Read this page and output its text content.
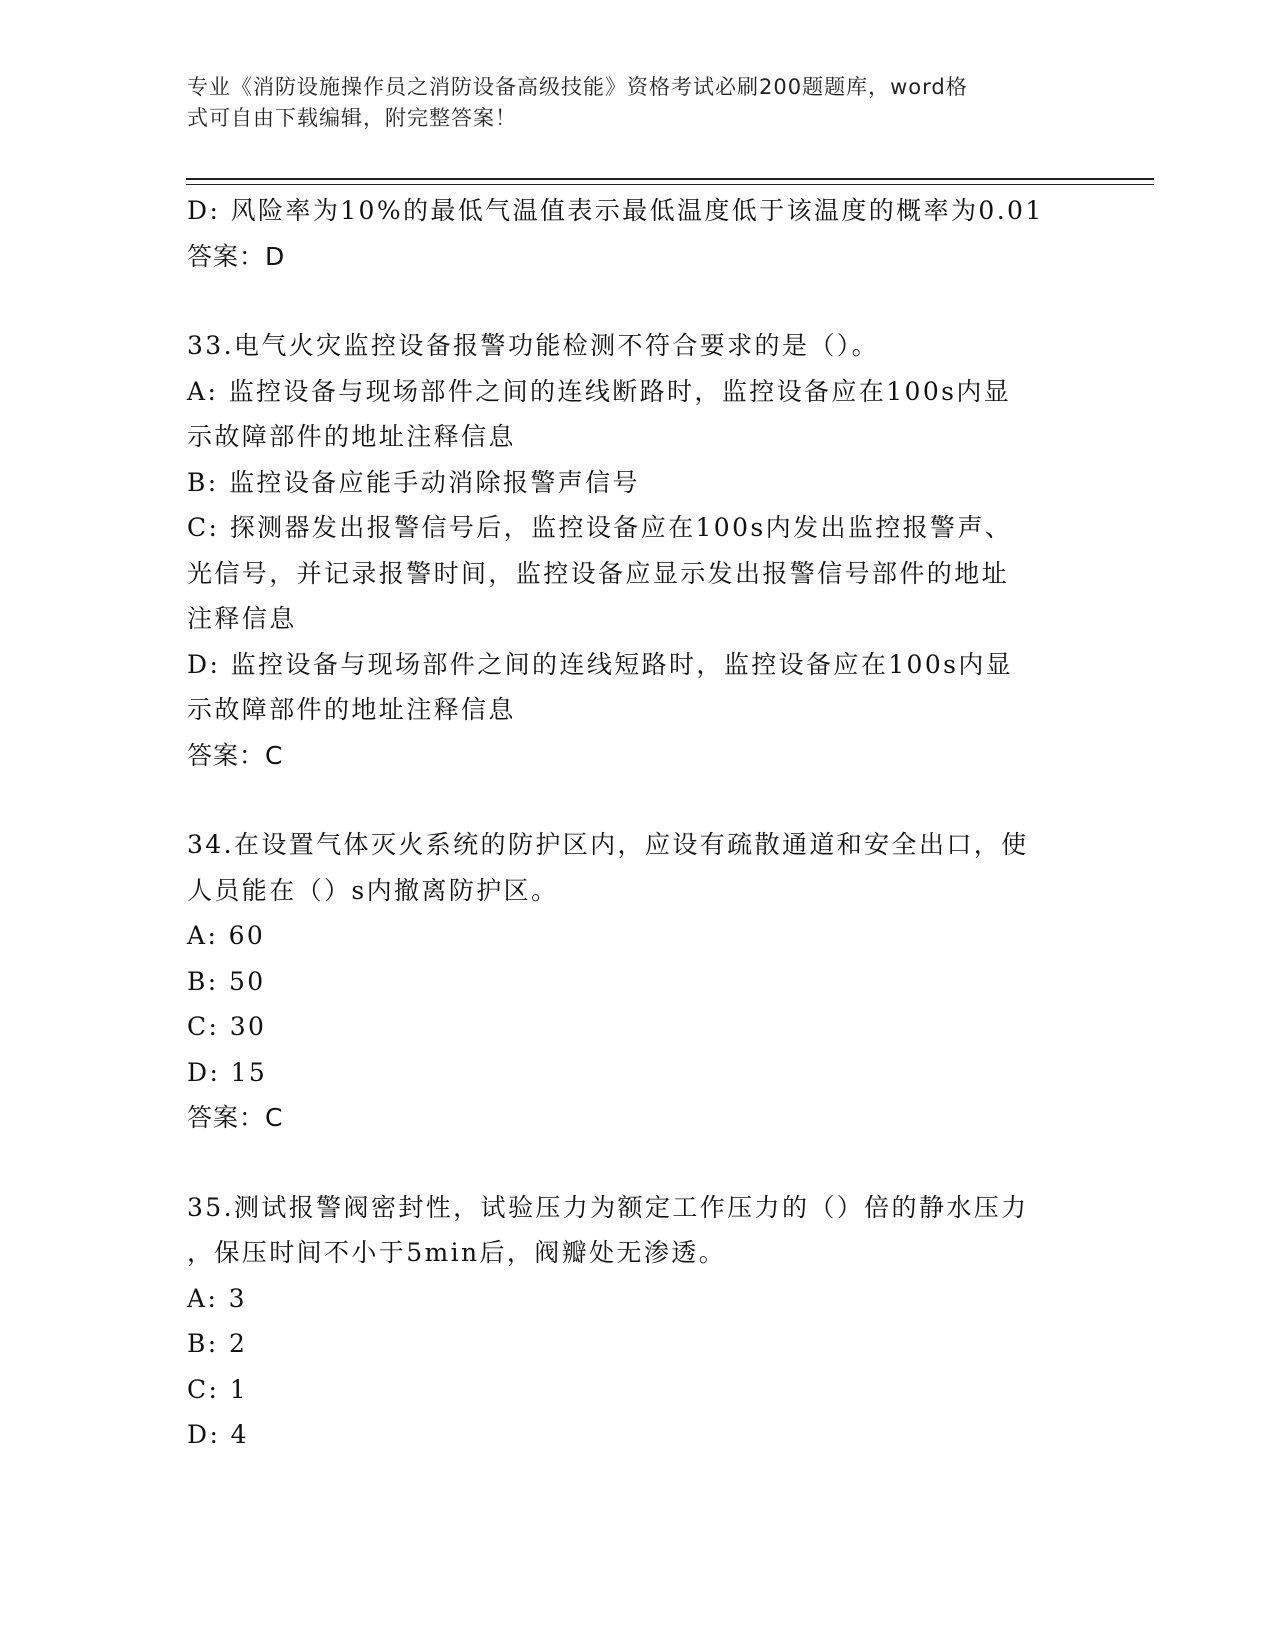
专业《消防设施操作员之消防设备高级技能》资格考试必刷200题题库，word格
式可自由下载编辑，附完整答案！

D: 风险率为10%的最低气温值表示最低温度低于该温度的概率为0.01

答案：D

33.电气火灾监控设备报警功能检测不符合要求的是（）。

A: 监控设备与现场部件之间的连线断路时，监控设备应在100s内显

示故障部件的地址注释信息

B: 监控设备应能手动消除报警声信号

C: 探测器发出报警信号后，监控设备应在100s内发出监控报警声、

光信号，并记录报警时间，监控设备应显示发出报警信号部件的地址

注释信息

D: 监控设备与现场部件之间的连线短路时，监控设备应在100s内显

示故障部件的地址注释信息

答案：C

34.在设置气体灭火系统的防护区内，应设有疏散通道和安全出口，使

人员能在（）s内撤离防护区。

A: 60

B: 50

C: 30

D: 15

答案：C

35.测试报警阀密封性，试验压力为额定工作压力的（）倍的静水压力

，保压时间不小于5min后，阀瓣处无渗透。

A: 3

B: 2

C: 1

D: 4
